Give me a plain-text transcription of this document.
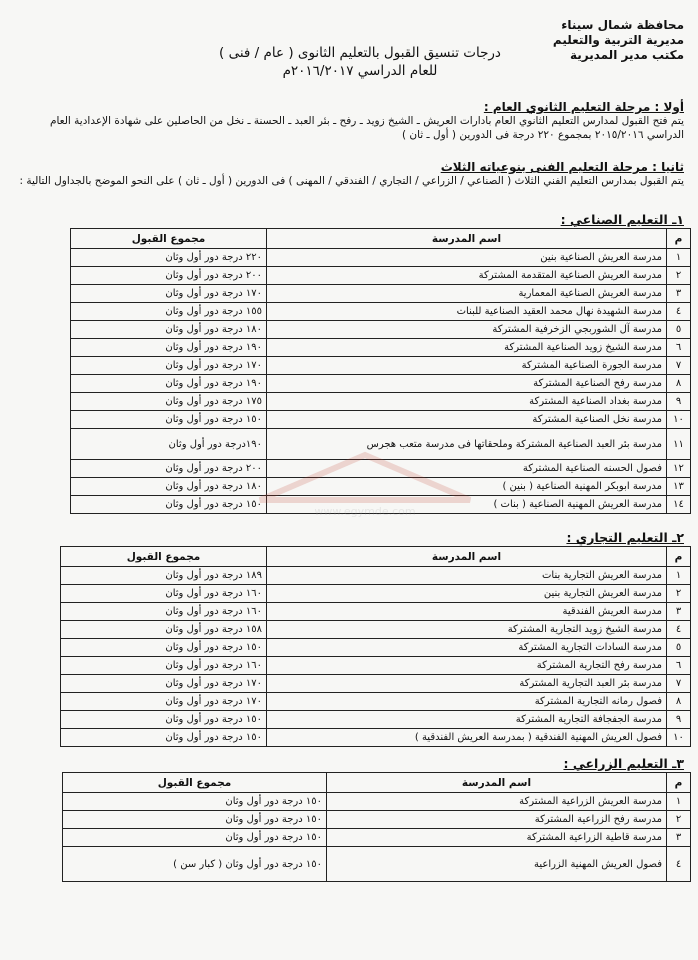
محافظة شمال سيناء
مديرية التربية والتعليم
مكتب مدير المديرية
درجات تنسيق القبول بالتعليم الثانوى ( عام / فنى )
للعام الدراسي ٢٠١٦/٢٠١٧م
أولا : مرحلة التعليم الثانوي العام :
يتم فتح القبول لمدارس التعليم الثانوي العام بادارات العريش ـ الشيخ زويد ـ رفح ـ بئر العبد ـ الحسنة ـ نخل من الحاصلين على شهادة الإعدادية العام الدراسي ٢٠١٥/٢٠١٦ بمجموع ٢٢٠ درجة فى الدورين ( أول ـ ثان )
ثانيا : مرحلة التعليم الفنى بنوعياته الثلاث
يتم القبول بمدارس التعليم الفني الثلاث ( الصناعي / الزراعي / التجاري / الفندقي / المهنى ) فى الدورين ( أول ـ ثان ) على النحو الموضح بالجداول التالية :
١ـ التعليم الصناعي :
م	اسم المدرسة	مجموع القبول
١	مدرسة العريش الصناعية بنين	٢٢٠ درجة دور أول وثان
٢	مدرسة العريش الصناعية المتقدمة المشتركة	٢٠٠ درجة دور أول وثان
٣	مدرسة العريش الصناعية المعمارية	١٧٠ درجة دور أول وثان
٤	مدرسة الشهيدة نهال محمد العقيد الصناعية للبنات	١٥٥ درجة دور أول وثان
٥	مدرسة آل الشوربجي الزخرفية المشتركة	١٨٠ درجة دور أول وثان
٦	مدرسة الشيخ زويد الصناعية المشتركة	١٩٠ درجة دور أول وثان
٧	مدرسة الجورة الصناعية المشتركة	١٧٠ درجة دور أول وثان
٨	مدرسة رفح الصناعية المشتركة	١٩٠ درجة دور أول وثان
٩	مدرسة بغداد الصناعية المشتركة	١٧٥ درجة دور أول وثان
١٠	مدرسة نخل الصناعية المشتركة	١٥٠ درجة دور أول وثان
١١	مدرسة بئر العبد الصناعية المشتركة وملحقاتها فى مدرسة متعب هجرس	١٩٠درجة دور أول وثان
١٢	فصول الحسنه الصناعية المشتركة	٢٠٠ درجة دور أول وثان
١٣	مدرسة ابوبكر المهنية الصناعية ( بنين )	١٨٠ درجة دور أول وثان
١٤	مدرسة العريش المهنية الصناعية ( بنات )	١٥٠ درجة دور أول وثان
www.egymde.com
٢ـ التعليم التجاري :
م	اسم المدرسة	مجموع القبول
١	مدرسة العريش التجارية بنات	١٨٩ درجة دور أول وثان
٢	مدرسة العريش التجارية بنين	١٦٠ درجة دور أول وثان
٣	مدرسة العريش الفندقية	١٦٠ درجة دور أول وثان
٤	مدرسة الشيخ زويد التجارية المشتركة	١٥٨ درجة دور أول وثان
٥	مدرسة السادات التجارية المشتركة	١٥٠ درجة دور أول وثان
٦	مدرسة رفح التجارية المشتركة	١٦٠ درجة دور أول وثان
٧	مدرسة بئر العبد التجارية المشتركة	١٧٠ درجة دور أول وثان
٨	فصول رمانه التجارية المشتركة	١٧٠ درجة دور أول وثان
٩	مدرسة الجفجافة التجارية المشتركة	١٥٠ درجة دور أول وثان
١٠	فصول العريش المهنية الفندقية ( بمدرسة العريش الفندقية )	١٥٠ درجة دور أول وثان
٣ـ التعليم الزراعي :
م	اسم المدرسة	مجموع القبول
١	مدرسة العريش الزراعية المشتركة	١٥٠ درجة دور أول وثان
٢	مدرسة رفح الزراعية المشتركة	١٥٠ درجة دور أول وثان
٣	مدرسة قاطية الزراعية المشتركة	١٥٠ درجة دور أول وثان
٤	فصول العريش المهنية الزراعية	١٥٠ درجة دور أول وثان ( كبار سن )
